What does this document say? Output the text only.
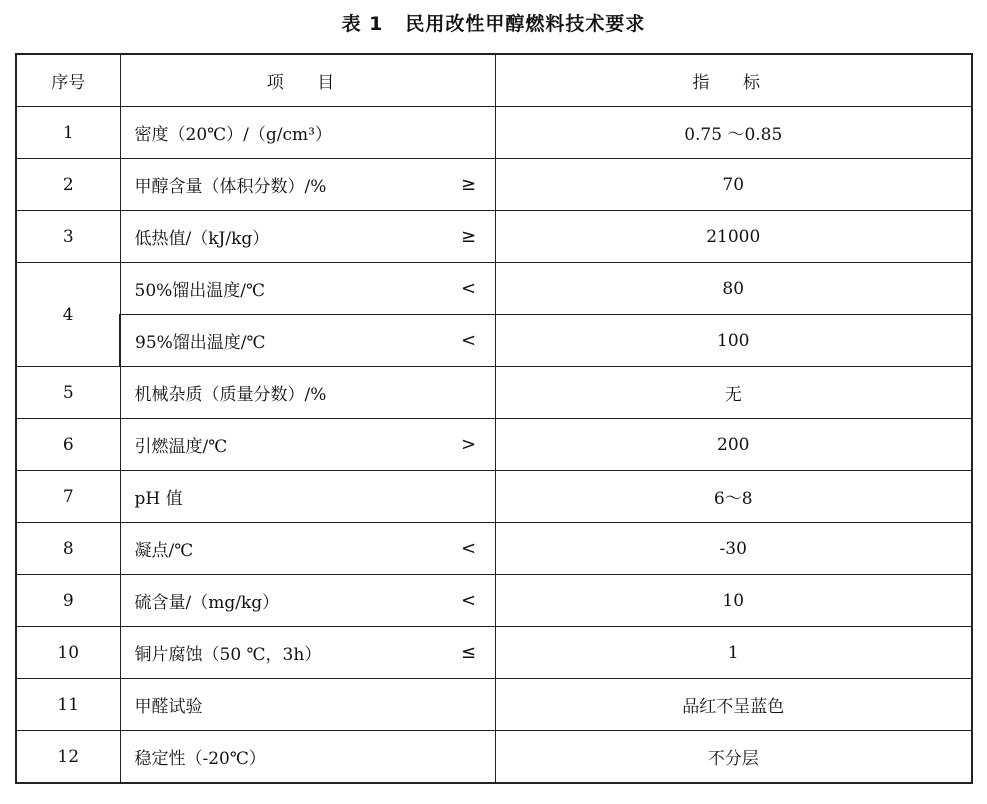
表 1 民用改性甲醇燃料技术要求
序号	项 目	指 标
1	密度（20℃）/（g/cm³）	0.75 ～0.85
2	甲醇含量（体积分数）/% ≥	70
3	低热值/（kJ/kg） ≥	21000
4	50%馏出温度/℃ <	80

	95%馏出温度/℃ <	100
5	机械杂质（质量分数）/%	无
6	引燃温度/℃ >	200
7	pH 值	6～8
8	凝点/℃ <	-30
9	硫含量/（mg/kg） <	10
10	铜片腐蚀（50 ℃，3h） ≤	1
11	甲醛试验	品红不呈蓝色
12	稳定性（-20℃）	不分层
